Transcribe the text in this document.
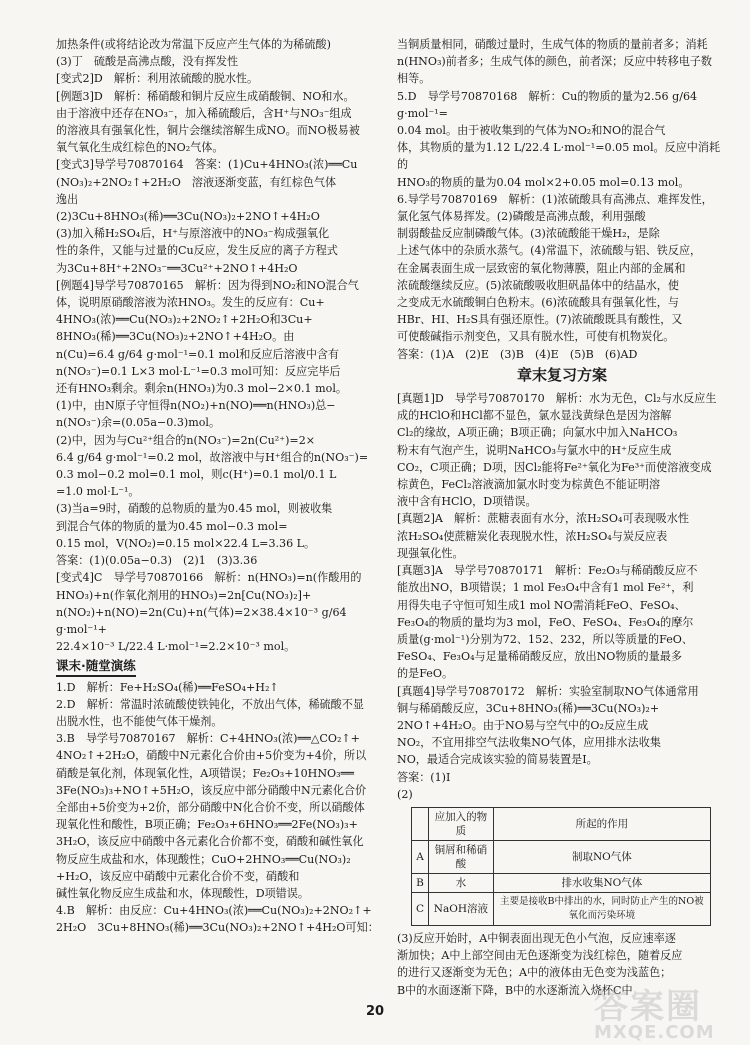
加热条件(或将结论改为常温下反应产生气体的为稀硫酸)

(3)丁　硫酸是高沸点酸，没有挥发性

[变式2]D　解析：利用浓硫酸的脱水性。

[例题3]D　解析：稀硝酸和铜片反应生成硝酸铜、NO和水。

由于溶液中还存在NO₃⁻，加入稀硫酸后，含H⁺与NO₃⁻组成

的溶液具有强氧化性，铜片会继续溶解生成NO。而NO极易被

氧气氧化生成红棕色的NO₂气体。

[变式3]导学号70870164　答案：(1)Cu+4HNO₃(浓)══Cu

(NO₃)₂+2NO₂↑+2H₂O　溶液逐渐变蓝，有红棕色气体

逸出

(2)3Cu+8HNO₃(稀)══3Cu(NO₃)₂+2NO↑+4H₂O

(3)加入稀H₂SO₄后，H⁺与原溶液中的NO₃⁻构成强氧化

性的条件，又能与过量的Cu反应，发生反应的离子方程式

为3Cu+8H⁺+2NO₃⁻══3Cu²⁺+2NO↑+4H₂O

[例题4]导学号70870165　解析：因为得到NO₂和NO混合气

体，说明原硝酸溶液为浓HNO₃。发生的反应有：Cu+

4HNO₃(浓)══Cu(NO₃)₂+2NO₂↑+2H₂O和3Cu+

8HNO₃(稀)══3Cu(NO₃)₂+2NO↑+4H₂O。由

n(Cu)=6.4 g/64 g·mol⁻¹=0.1 mol和反应后溶液中含有

n(NO₃⁻)=0.1 L×3 mol·L⁻¹=0.3 mol可知：反应完毕后

还有HNO₃剩余。剩余n(HNO₃)为0.3 mol−2×0.1 mol。

(1)中，由N原子守恒得n(NO₂)+n(NO)══n(HNO₃)总−

n(NO₃⁻)余=(0.05a−0.3)mol。

(2)中，因为与Cu²⁺组合的n(NO₃⁻)=2n(Cu²⁺)=2×

6.4 g/64 g·mol⁻¹=0.2 mol，故溶液中与H⁺组合的n(NO₃⁻)=

0.3 mol−0.2 mol=0.1 mol，则c(H⁺)=0.1 mol/0.1 L

=1.0 mol·L⁻¹。

(3)当a=9时，硝酸的总物质的量为0.45 mol，则被收集

到混合气体的物质的量为0.45 mol−0.3 mol=

0.15 mol，V(NO₂)=0.15 mol×22.4 L=3.36 L。

答案：(1)(0.05a−0.3)　(2)1　(3)3.36

[变式4]C　导学号70870166　解析：n(HNO₃)=n(作酸用的

HNO₃)+n(作氧化剂用的HNO₃)=2n[Cu(NO₃)₂]+

n(NO₂)+n(NO)=2n(Cu)+n(气体)=2×38.4×10⁻³ g/64 g·mol⁻¹+

22.4×10⁻³ L/22.4 L·mol⁻¹=2.2×10⁻³ mol。

课末·随堂演练

1.D　解析：Fe+H₂SO₄(稀)══FeSO₄+H₂↑

2.D　解析：常温时浓硫酸使铁钝化，不放出气体，稀硫酸不显

出脱水性，也不能使气体干燥剂。

3.B　导学号70870167　解析：C+4HNO₃(浓)══△CO₂↑+

4NO₂↑+2H₂O，硝酸中N元素化合价由+5价变为+4价，所以

硝酸是氧化剂，体现氧化性，A项错误；Fe₂O₃+10HNO₃══

3Fe(NO₃)₃+NO↑+5H₂O，该反应中部分硝酸中N元素化合价

全部由+5价变为+2价，部分硝酸中N化合价不变，所以硝酸体

现氧化性和酸性，B项正确；Fe₂O₃+6HNO₃══2Fe(NO₃)₃+

3H₂O，该反应中硝酸中各元素化合价都不变，硝酸和碱性氧化

物反应生成盐和水，体现酸性；CuO+2HNO₃══Cu(NO₃)₂

+H₂O，该反应中硝酸中元素化合价不变，硝酸和

碱性氧化物反应生成盐和水，体现酸性，D项错误。

4.B　解析：由反应：Cu+4HNO₃(浓)══Cu(NO₃)₂+2NO₂↑+

2H₂O　3Cu+8HNO₃(稀)══3Cu(NO₃)₂+2NO↑+4H₂O可知：

当铜质量相同，硝酸过量时，生成气体的物质的量前者多；消耗

n(HNO₃)前者多；生成气体的颜色，前者深；反应中转移电子数

相等。

5.D　导学号70870168　解析：Cu的物质的量为2.56 g/64 g·mol⁻¹=

0.04 mol。由于被收集到的气体为NO₂和NO的混合气

体，其物质的量为1.12 L/22.4 L·mol⁻¹=0.05 mol。反应中消耗的

HNO₃的物质的量为0.04 mol×2+0.05 mol=0.13 mol。

6.导学号70870169　解析：(1)浓硫酸具有高沸点、难挥发性，

氯化氢气体易挥发。(2)磷酸是高沸点酸，利用强酸

制弱酸盐反应制磷酸气体。(3)浓硫酸能干燥H₂，是除

上述气体中的杂质水蒸气。(4)常温下，浓硫酸与铝、铁反应，

在金属表面生成一层致密的氧化物薄膜，阻止内部的金属和

浓硫酸继续反应。(5)浓硫酸吸收胆矾晶体中的结晶水，使

之变成无水硫酸铜白色粉末。(6)浓硫酸具有强氧化性，与

HBr、HI、H₂S具有强还原性。(7)浓硫酸既具有酸性，又

可使酸碱指示剂变色，又具有脱水性，可使有机物炭化。

答案：(1)A　(2)E　(3)B　(4)E　(5)B　(6)AD

章末复习方案

[真题1]D　导学号70870170　解析：水为无色，Cl₂与水反应生

成的HClO和HCl都不显色，氯水显浅黄绿色是因为溶解

Cl₂的缘故，A项正确；B项正确；向氯水中加入NaHCO₃

粉末有气泡产生，说明NaHCO₃与氯水中的H⁺反应生成

CO₂，C项正确；D项，因Cl₂能将Fe²⁺氧化为Fe³⁺而使溶液变成

棕黄色，FeCl₂溶液滴加氯水时变为棕黄色不能证明溶

液中含有HClO，D项错误。

[真题2]A　解析：蔗糖表面有水分，浓H₂SO₄可表现吸水性

浓H₂SO₄使蔗糖炭化表现脱水性，浓H₂SO₄与炭反应表

现强氧化性。

[真题3]A　导学号70870171　解析：Fe₂O₃与稀硝酸反应不

能放出NO，B项错误；1 mol Fe₃O₄中含有1 mol Fe²⁺，利

用得失电子守恒可知生成1 mol NO需消耗FeO、FeSO₄、

Fe₃O₄的物质的量均为3 mol，FeO、FeSO₄、Fe₃O₄的摩尔

质量(g·mol⁻¹)分别为72、152、232，所以等质量的FeO、

FeSO₄、Fe₃O₄与足量稀硝酸反应，放出NO物质的量最多

的是FeO。

[真题4]导学号70870172　解析：实验室制取NO气体通常用

铜与稀硝酸反应，3Cu+8HNO₃(稀)══3Cu(NO₃)₂+

2NO↑+4H₂O。由于NO易与空气中的O₂反应生成

NO₂，不宜用排空气法收集NO气体，应用排水法收集

NO，最适合完成该实验的简易装置是Ⅰ。

答案：(1)Ⅰ

(2)

	应加入的物质	所起的作用
A	铜屑和稀硝酸	制取NO气体
B	水	排水收集NO气体
C	NaOH溶液	主要是接收B中排出的水，同时防止产生的NO被氧化而污染环境

(3)反应开始时，A中铜表面出现无色小气泡，反应速率逐

渐加快；A中上部空间由无色逐渐变为浅红棕色，随着反应

的进行又逐渐变为无色；A中的液体由无色变为浅蓝色；

B中的水面逐渐下降，B中的水逐渐流入烧杯C中

20	答案圈
MXQE.COM
